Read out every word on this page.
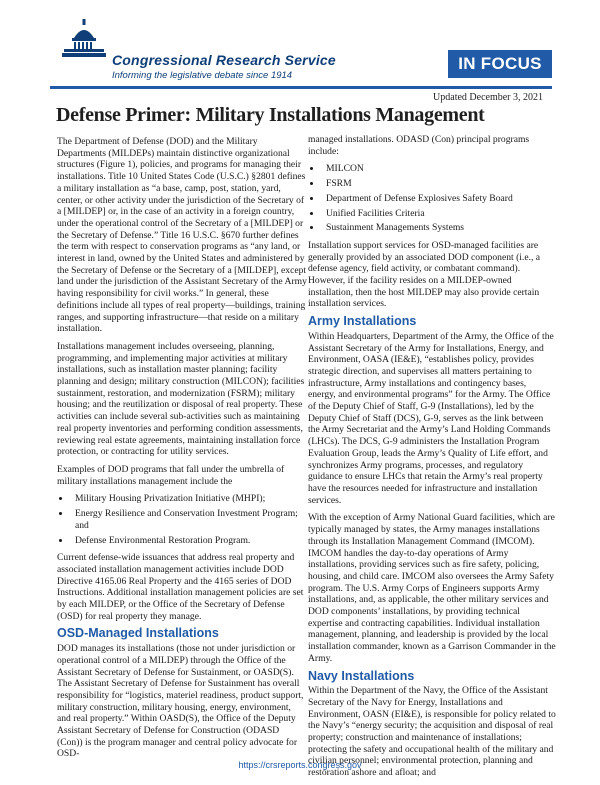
Congressional Research Service
Informing the legislative debate since 1914
IN FOCUS
Updated December 3, 2021
Defense Primer: Military Installations Management

The Department of Defense (DOD) and the Military Departments (MILDEPs) maintain distinctive organizational structures (Figure 1), policies, and programs for managing their installations. Title 10 United States Code (U.S.C.) §2801 defines a military installation as “a base, camp, post, station, yard, center, or other activity under the jurisdiction of the Secretary of a [MILDEP] or, in the case of an activity in a foreign country, under the operational control of the Secretary of a [MILDEP] or the Secretary of Defense.” Title 16 U.S.C. §670 further defines the term with respect to conservation programs as “any land, or interest in land, owned by the United States and administered by the Secretary of Defense or the Secretary of a [MILDEP], except land under the jurisdiction of the Assistant Secretary of the Army having responsibility for civil works.” In general, these definitions include all types of real property—buildings, training ranges, and supporting infrastructure—that reside on a military installation.

Installations management includes overseeing, planning, programming, and implementing major activities at military installations, such as installation master planning; facility planning and design; military construction (MILCON); facilities sustainment, restoration, and modernization (FSRM); military housing; and the reutilization or disposal of real property. These activities can include several sub-activities such as maintaining real property inventories and performing condition assessments, reviewing real estate agreements, maintaining installation force protection, or contracting for utility services.

Examples of DOD programs that fall under the umbrella of military installations management include the

• Military Housing Privatization Initiative (MHPI);
• Energy Resilience and Conservation Investment Program; and
• Defense Environmental Restoration Program.

Current defense-wide issuances that address real property and associated installation management activities include DOD Directive 4165.06 Real Property and the 4165 series of DOD Instructions. Additional installation management policies are set by each MILDEP, or the Office of the Secretary of Defense (OSD) for real property they manage.

OSD-Managed Installations

DOD manages its installations (those not under jurisdiction or operational control of a MILDEP) through the Office of the Assistant Secretary of Defense for Sustainment, or OASD(S). The Assistant Secretary of Defense for Sustainment has overall responsibility for “logistics, materiel readiness, product support, military construction, military housing, energy, environment, and real property.” Within OASD(S), the Office of the Deputy Assistant Secretary of Defense for Construction (ODASD (Con)) is the program manager and central policy advocate for OSD-

managed installations. ODASD (Con) principal programs include:

• MILCON
• FSRM
• Department of Defense Explosives Safety Board
• Unified Facilities Criteria
• Sustainment Managements Systems

Installation support services for OSD-managed facilities are generally provided by an associated DOD component (i.e., a defense agency, field activity, or combatant command). However, if the facility resides on a MILDEP-owned installation, then the host MILDEP may also provide certain installation services.

Army Installations

Within Headquarters, Department of the Army, the Office of the Assistant Secretary of the Army for Installations, Energy, and Environment, OASA (IE&E), “establishes policy, provides strategic direction, and supervises all matters pertaining to infrastructure, Army installations and contingency bases, energy, and environmental programs” for the Army. The Office of the Deputy Chief of Staff, G-9 (Installations), led by the Deputy Chief of Staff (DCS), G-9, serves as the link between the Army Secretariat and the Army’s Land Holding Commands (LHCs). The DCS, G-9 administers the Installation Program Evaluation Group, leads the Army’s Quality of Life effort, and synchronizes Army programs, processes, and regulatory guidance to ensure LHCs that retain the Army’s real property have the resources needed for infrastructure and installation services.

With the exception of Army National Guard facilities, which are typically managed by states, the Army manages installations through its Installation Management Command (IMCOM). IMCOM handles the day-to-day operations of Army installations, providing services such as fire safety, policing, housing, and child care. IMCOM also oversees the Army Safety program. The U.S. Army Corps of Engineers supports Army installations, and, as applicable, the other military services and DOD components’ installations, by providing technical expertise and contracting capabilities. Individual installation management, planning, and leadership is provided by the local installation commander, known as a Garrison Commander in the Army.

Navy Installations

Within the Department of the Navy, the Office of the Assistant Secretary of the Navy for Energy, Installations and Environment, OASN (EI&E), is responsible for policy related to the Navy’s “energy security; the acquisition and disposal of real property; construction and maintenance of installations; protecting the safety and occupational health of the military and civilian personnel; environmental protection, planning and restoration ashore and afloat; and

https://crsreports.congress.gov
